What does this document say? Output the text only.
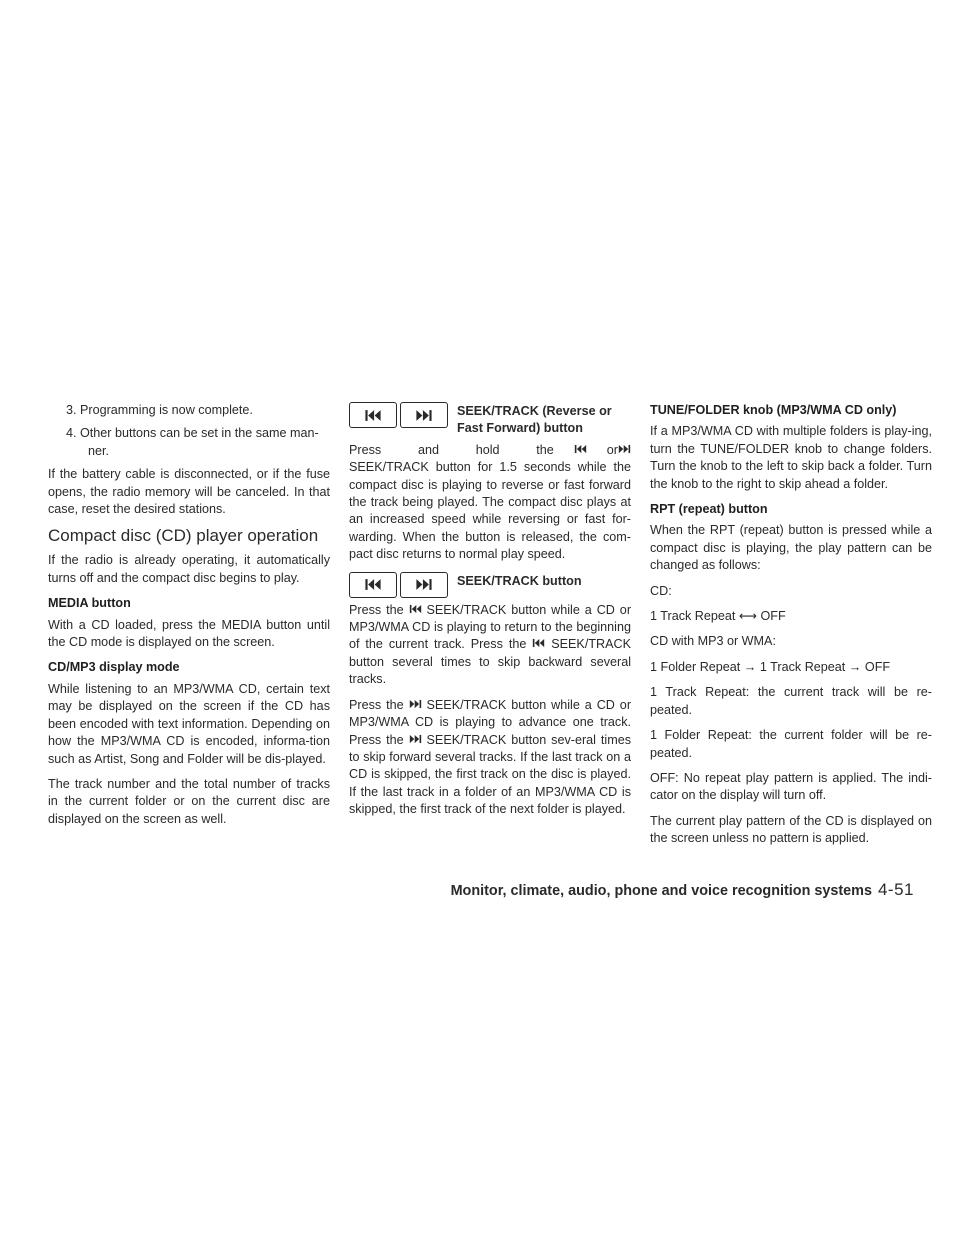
3. Programming is now complete.

4. Other buttons can be set in the same man-ner.

If the battery cable is disconnected, or if the fuse opens, the radio memory will be canceled. In that case, reset the desired stations.

Compact disc (CD) player operation

If the radio is already operating, it automatically turns off and the compact disc begins to play.

MEDIA button

With a CD loaded, press the MEDIA button until the CD mode is displayed on the screen.

CD/MP3 display mode

While listening to an MP3/WMA CD, certain text may be displayed on the screen if the CD has been encoded with text information. Depending on how the MP3/WMA CD is encoded, informa-tion such as Artist, Song and Folder will be dis-played.

The track number and the total number of tracks in the current folder or on the current disc are displayed on the screen as well.

SEEK/TRACK (Reverse or Fast Forward) button

Press and hold the	or
SEEK/TRACK button for 1.5 seconds while the compact disc is playing to reverse or fast forward the track being played. The compact disc plays at an increased speed while reversing or fast for-warding. When the button is released, the com-pact disc returns to normal play speed.

SEEK/TRACK button

Press the SEEK/TRACK button while a CD or MP3/WMA CD is playing to return to the beginning of the current track. Press the SEEK/TRACK button several times to skip backward several tracks.

Press the SEEK/TRACK button while a CD or MP3/WMA CD is playing to advance one track. Press the SEEK/TRACK button sev-eral times to skip forward several tracks. If the last track on a CD is skipped, the first track on the disc is played. If the last track in a folder of an MP3/WMA CD is skipped, the first track of the next folder is played.

TUNE/FOLDER knob (MP3/WMA CD only)

If a MP3/WMA CD with multiple folders is play-ing, turn the TUNE/FOLDER knob to change folders. Turn the knob to the left to skip back a folder. Turn the knob to the right to skip ahead a folder.

RPT (repeat) button

When the RPT (repeat) button is pressed while a compact disc is playing, the play pattern can be changed as follows:

CD:

1 Track Repeat ⟷ OFF

CD with MP3 or WMA:

1 Folder Repeat → 1 Track Repeat → OFF

1 Track Repeat: the current track will be re-peated.

1 Folder Repeat: the current folder will be re-peated.

OFF: No repeat play pattern is applied. The indi-cator on the display will turn off.

The current play pattern of the CD is displayed on the screen unless no pattern is applied.

Monitor, climate, audio, phone and voice recognition systems 4-51
